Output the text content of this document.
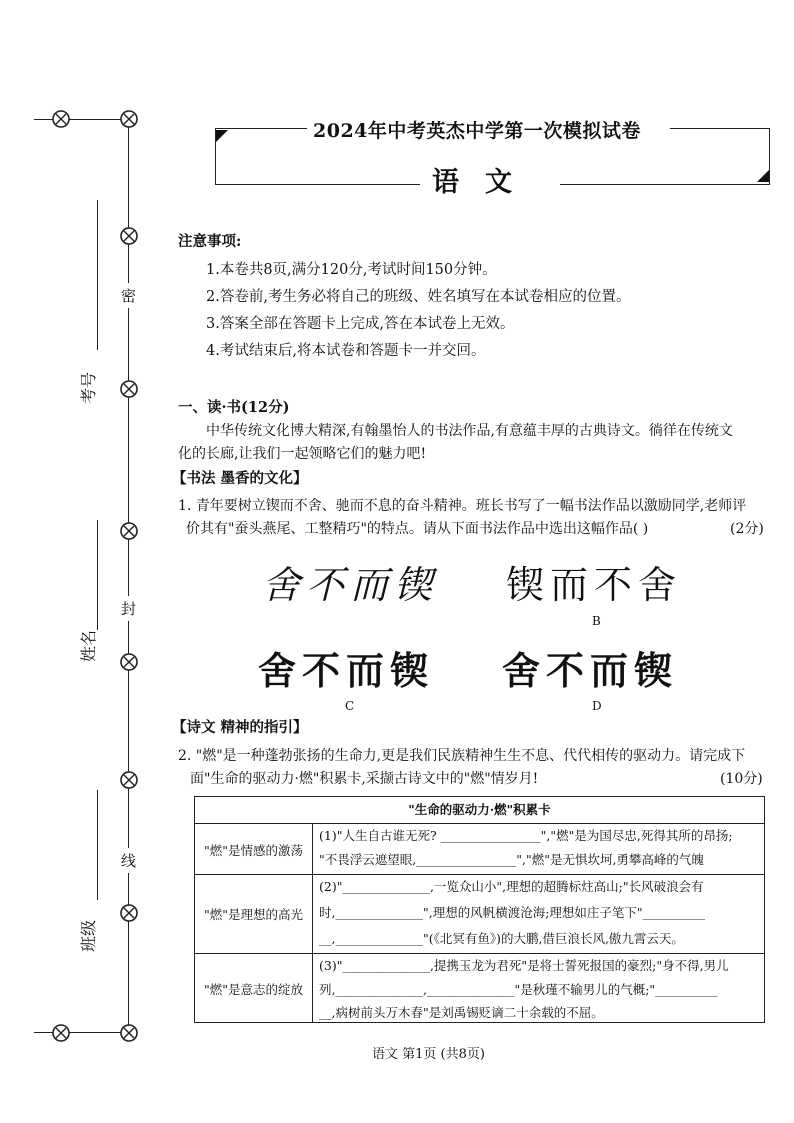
密
封
线
考号
姓名
班级
2024年中考英杰中学第一次模拟试卷
语文
注意事项:
1.本卷共8页,满分120分,考试时间150分钟。
2.答卷前,考生务必将自己的班级、姓名填写在本试卷相应的位置。
3.答案全部在答题卡上完成,答在本试卷上无效。
4.考试结束后,将本试卷和答题卡一并交回。
一、读·书(12分)
中华传统文化博大精深,有翰墨怡人的书法作品,有意蕴丰厚的古典诗文。徜徉在传统文
化的长廊,让我们一起领略它们的魅力吧!
【书法 墨香的文化】
1. 青年要树立锲而不舍、驰而不息的奋斗精神。班长书写了一幅书法作品以激励同学,老师评
价其有"蚕头燕尾、工整精巧"的特点。请从下面书法作品中选出这幅作品( )	(2分)
舍不而锲 锲而不舍
B
舍不而锲
C
舍不而锲
D
【诗文 精神的指引】
2. "燃"是一种蓬勃张扬的生命力,更是我们民族精神生生不息、代代相传的驱动力。请完成下
面"生命的驱动力·燃"积累卡,采撷古诗文中的"燃"情岁月!	(10分)
"生命的驱动力·燃"积累卡
"燃"是情感的激荡
(1)"人生自古谁无死? ________________","燃"是为国尽忠,死得其所的昂扬;
"不畏浮云遮望眼,________________","燃"是无惧坎坷,勇攀高峰的气魄
"燃"是理想的高光
(2)"______________,一览众山小",理想的超腾标炷高山;"长风破浪会有
时,______________",理想的风帆横渡沧海;理想如庄子笔下"__________
__,______________"(《北冥有鱼》)的大鹏,借巨浪长风,傲九霄云天。
"燃"是意志的绽放
(3)"______________,提携玉龙为君死"是将士誓死报国的豪烈;"身不得,男儿
列,______________,______________"是秋瑾不输男儿的气概;"__________
__,病树前头万木春"是刘禹锡贬谪二十余载的不屈。
语文 第1页 (共8页)
